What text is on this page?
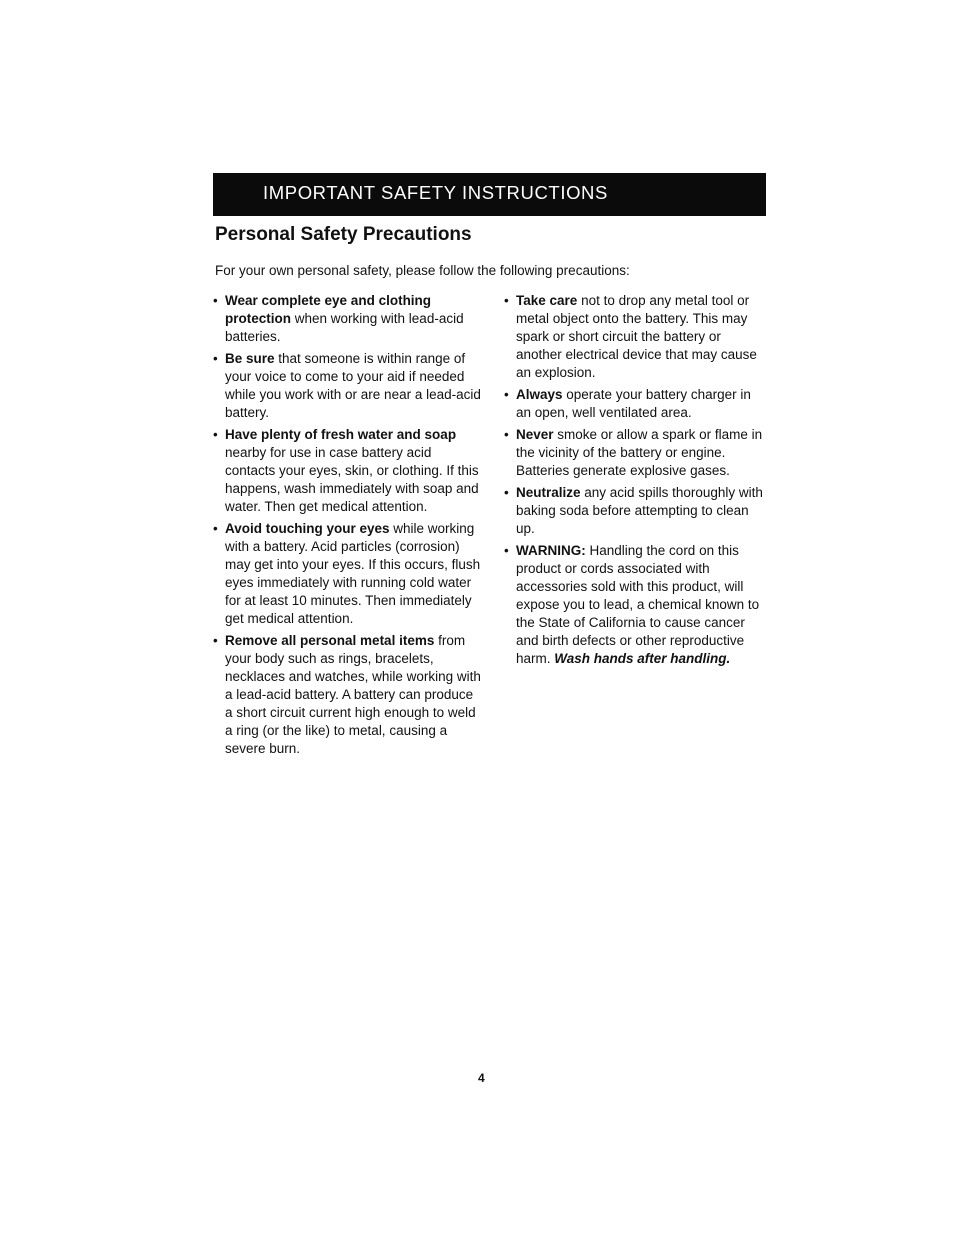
IMPORTANT SAFETY INSTRUCTIONS
Personal Safety Precautions
For your own personal safety, please follow the following precautions:
• Wear complete eye and clothing protection when working with lead-acid batteries.
• Be sure that someone is within range of your voice to come to your aid if needed while you work with or are near a lead-acid battery.
• Have plenty of fresh water and soap nearby for use in case battery acid contacts your eyes, skin, or clothing. If this happens, wash immediately with soap and water. Then get medical attention.
• Avoid touching your eyes while working with a battery. Acid particles (corrosion) may get into your eyes. If this occurs, flush eyes immediately with running cold water for at least 10 minutes. Then immediately get medical attention.
• Remove all personal metal items from your body such as rings, bracelets, necklaces and watches, while working with a lead-acid battery. A battery can produce a short circuit current high enough to weld a ring (or the like) to metal, causing a severe burn.
• Take care not to drop any metal tool or metal object onto the battery. This may spark or short circuit the battery or another electrical device that may cause an explosion.
• Always operate your battery charger in an open, well ventilated area.
• Never smoke or allow a spark or flame in the vicinity of the battery or engine. Batteries generate explosive gases.
• Neutralize any acid spills thoroughly with baking soda before attempting to clean up.
• WARNING: Handling the cord on this product or cords associated with accessories sold with this product, will expose you to lead, a chemical known to the State of California to cause cancer and birth defects or other reproductive harm. Wash hands after handling.
4
